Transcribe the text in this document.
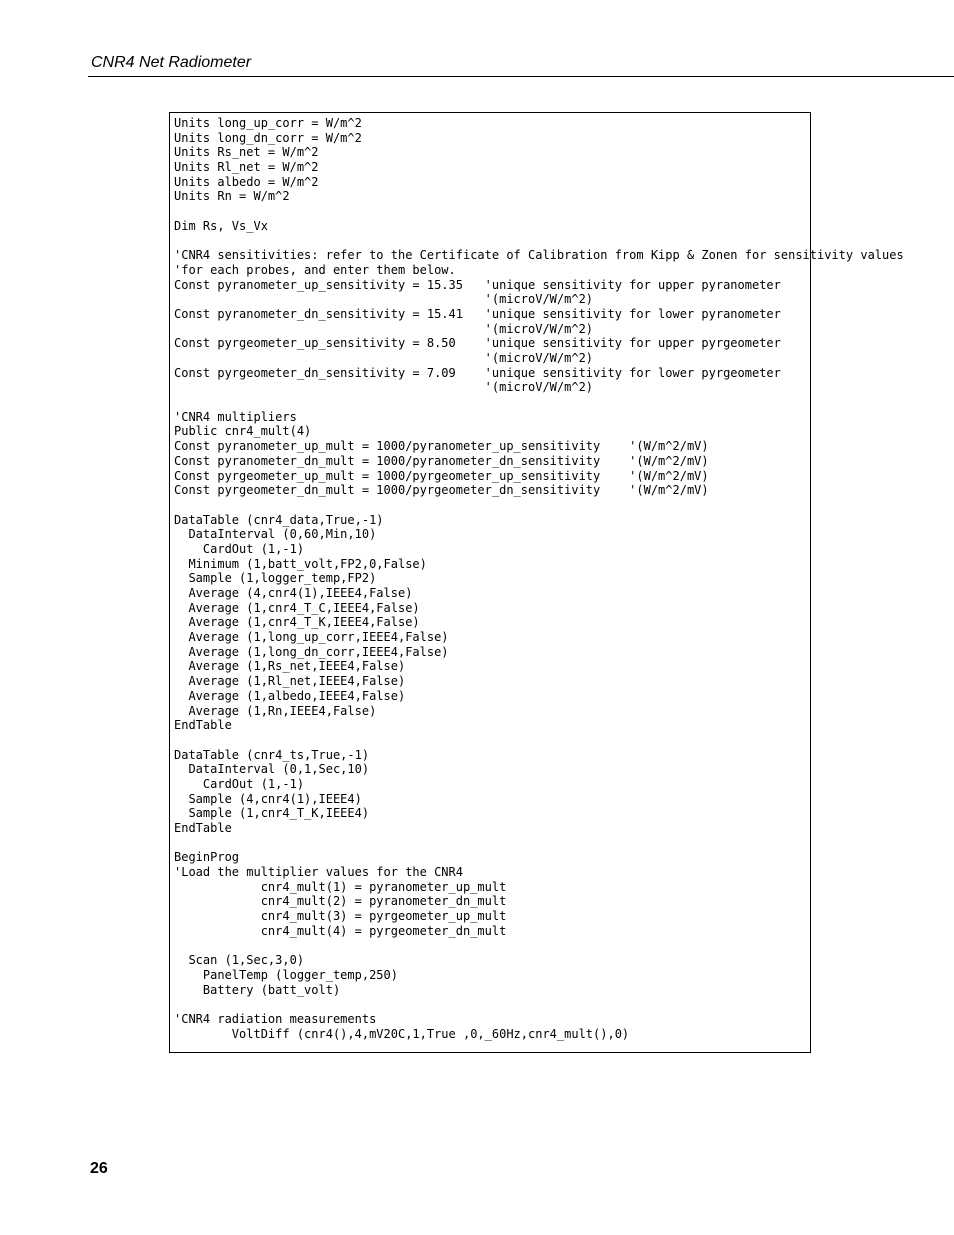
CNR4 Net Radiometer
Units long_up_corr = W/m^2
Units long_dn_corr = W/m^2
Units Rs_net = W/m^2
Units Rl_net = W/m^2
Units albedo = W/m^2
Units Rn = W/m^2
Dim Rs, Vs_Vx
'CNR4 sensitivities: refer to the Certificate of Calibration from Kipp & Zonen for sensitivity values
'for each probes, and enter them below.
Const pyranometer_up_sensitivity = 15.35   'unique sensitivity for upper pyranometer
'(microV/W/m^2)
Const pyranometer_dn_sensitivity = 15.41   'unique sensitivity for lower pyranometer
'(microV/W/m^2)
Const pyrgeometer_up_sensitivity = 8.50    'unique sensitivity for upper pyrgeometer
'(microV/W/m^2)
Const pyrgeometer_dn_sensitivity = 7.09    'unique sensitivity for lower pyrgeometer
'(microV/W/m^2)
'CNR4 multipliers
Public cnr4_mult(4)
Const pyranometer_up_mult = 1000/pyranometer_up_sensitivity    '(W/m^2/mV)
Const pyranometer_dn_mult = 1000/pyranometer_dn_sensitivity    '(W/m^2/mV)
Const pyrgeometer_up_mult = 1000/pyrgeometer_up_sensitivity    '(W/m^2/mV)
Const pyrgeometer_dn_mult = 1000/pyrgeometer_dn_sensitivity    '(W/m^2/mV)
DataTable (cnr4_data,True,-1)
DataInterval (0,60,Min,10)
CardOut (1,-1)
Minimum (1,batt_volt,FP2,0,False)
Sample (1,logger_temp,FP2)
Average (4,cnr4(1),IEEE4,False)
Average (1,cnr4_T_C,IEEE4,False)
Average (1,cnr4_T_K,IEEE4,False)
Average (1,long_up_corr,IEEE4,False)
Average (1,long_dn_corr,IEEE4,False)
Average (1,Rs_net,IEEE4,False)
Average (1,Rl_net,IEEE4,False)
Average (1,albedo,IEEE4,False)
Average (1,Rn,IEEE4,False)
EndTable
DataTable (cnr4_ts,True,-1)
DataInterval (0,1,Sec,10)
CardOut (1,-1)
Sample (4,cnr4(1),IEEE4)
Sample (1,cnr4_T_K,IEEE4)
EndTable
BeginProg
'Load the multiplier values for the CNR4
cnr4_mult(1) = pyranometer_up_mult
cnr4_mult(2) = pyranometer_dn_mult
cnr4_mult(3) = pyrgeometer_up_mult
cnr4_mult(4) = pyrgeometer_dn_mult
Scan (1,Sec,3,0)
PanelTemp (logger_temp,250)
Battery (batt_volt)
'CNR4 radiation measurements
VoltDiff (cnr4(),4,mV20C,1,True ,0,_60Hz,cnr4_mult(),0)
26
